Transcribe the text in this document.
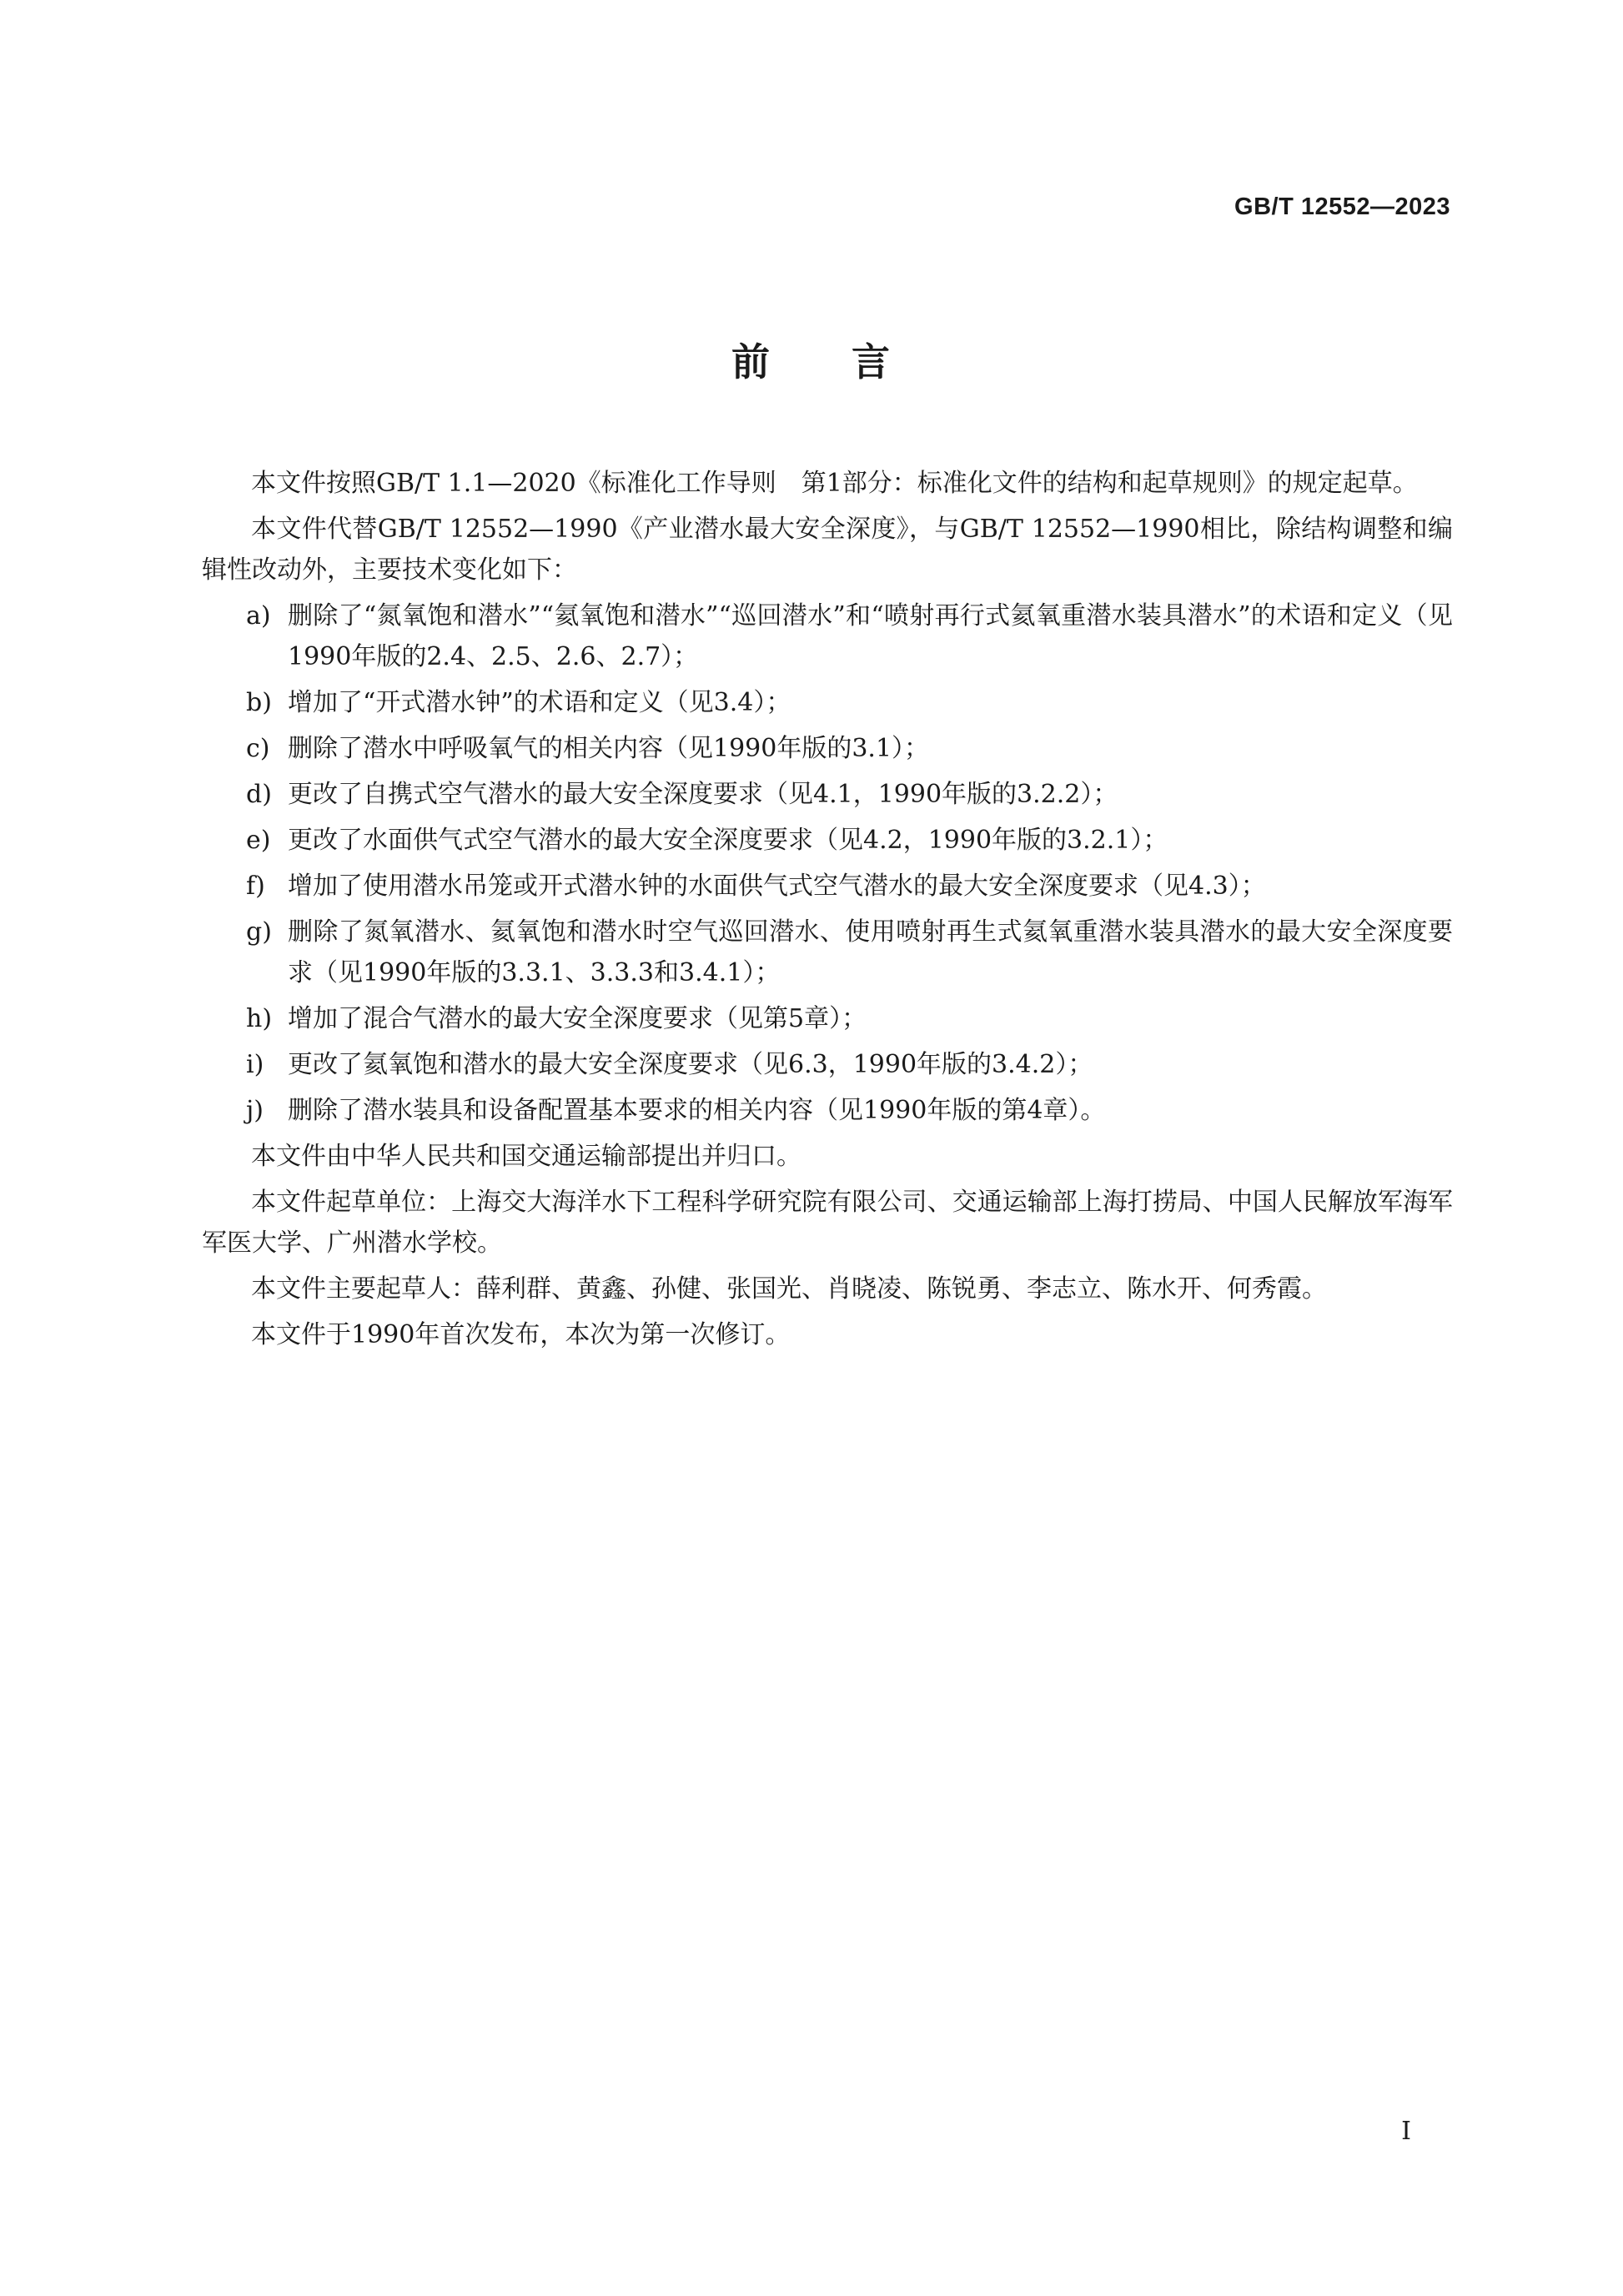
GB/T 12552—2023
前　　言

本文件按照GB/T 1.1—2020《标准化工作导则　第1部分：标准化文件的结构和起草规则》的规定起草。

本文件代替GB/T 12552—1990《产业潜水最大安全深度》，与GB/T 12552—1990相比，除结构调整和编辑性改动外，主要技术变化如下：

a) 删除了“氮氧饱和潜水”“氦氧饱和潜水”“巡回潜水”和“喷射再行式氦氧重潜水装具潜水”的术语和定义（见1990年版的2.4、2.5、2.6、2.7）；
b) 增加了“开式潜水钟”的术语和定义（见3.4）；
c) 删除了潜水中呼吸氧气的相关内容（见1990年版的3.1）；
d) 更改了自携式空气潜水的最大安全深度要求（见4.1，1990年版的3.2.2）；
e) 更改了水面供气式空气潜水的最大安全深度要求（见4.2，1990年版的3.2.1）；
f) 增加了使用潜水吊笼或开式潜水钟的水面供气式空气潜水的最大安全深度要求（见4.3）；
g) 删除了氮氧潜水、氦氧饱和潜水时空气巡回潜水、使用喷射再生式氦氧重潜水装具潜水的最大安全深度要求（见1990年版的3.3.1、3.3.3和3.4.1）；
h) 增加了混合气潜水的最大安全深度要求（见第5章）；
i) 更改了氦氧饱和潜水的最大安全深度要求（见6.3，1990年版的3.4.2）；
j) 删除了潜水装具和设备配置基本要求的相关内容（见1990年版的第4章）。

本文件由中华人民共和国交通运输部提出并归口。

本文件起草单位：上海交大海洋水下工程科学研究院有限公司、交通运输部上海打捞局、中国人民解放军海军军医大学、广州潜水学校。

本文件主要起草人：薛利群、黄鑫、孙健、张国光、肖晓凌、陈锐勇、李志立、陈水开、何秀霞。

本文件于1990年首次发布，本次为第一次修订。

I
